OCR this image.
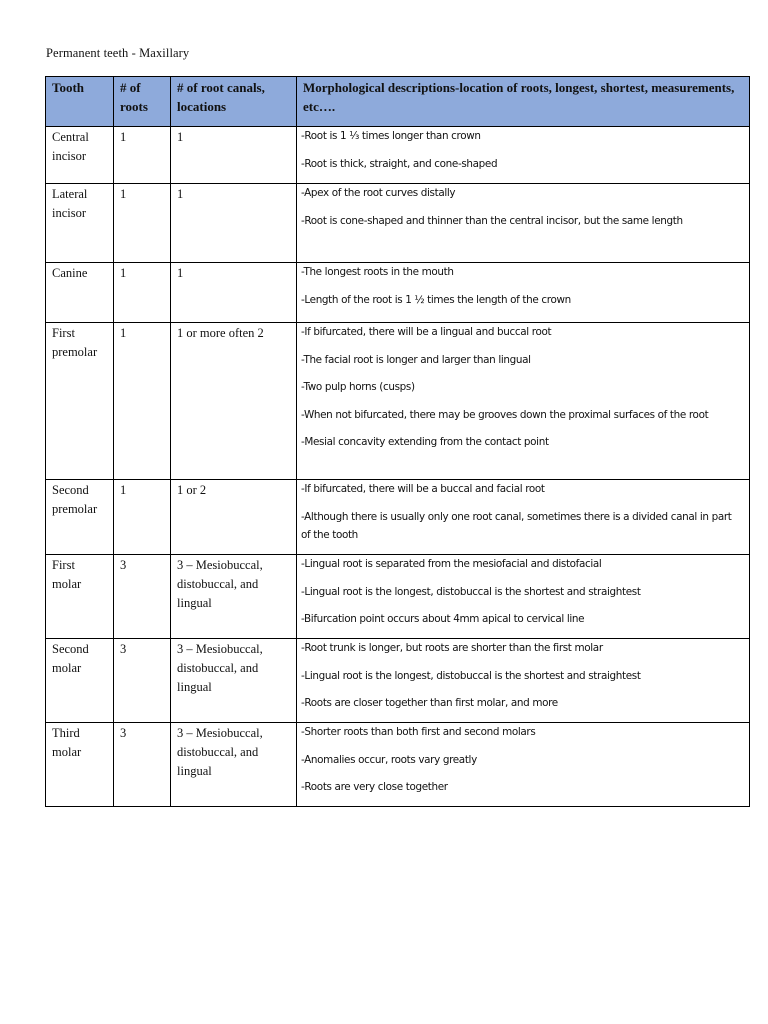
Permanent teeth - Maxillary
Tooth	# of roots	# of root canals, locations	Morphological descriptions-location of roots, longest, shortest, measurements, etc….
Central incisor	1	1	-Root is 1 ⅓ times longer than crown
-Root is thick, straight, and cone-shaped

Lateral incisor	1	1	-Apex of the root curves distally
-Root is cone-shaped and thinner than the central incisor, but the same length

Canine	1	1	-The longest roots in the mouth
-Length of the root is 1 ½ times the length of the crown

First premolar	1	1 or more often 2	-If bifurcated, there will be a lingual and buccal root
-The facial root is longer and larger than lingual
-Two pulp horns (cusps)
-When not bifurcated, there may be grooves down the proximal surfaces of the root
-Mesial concavity extending from the contact point

Second premolar	1	1 or 2	-If bifurcated, there will be a buccal and facial root
-Although there is usually only one root canal, sometimes there is a divided canal in part of the tooth

First molar	3	3 – Mesiobuccal, distobuccal, and lingual	-Lingual root is separated from the mesiofacial and distofacial
-Lingual root is the longest, distobuccal is the shortest and straightest
-Bifurcation point occurs about 4mm apical to cervical line

Second molar	3	3 – Mesiobuccal, distobuccal, and lingual	-Root trunk is longer, but roots are shorter than the first molar
-Lingual root is the longest, distobuccal is the shortest and straightest
-Roots are closer together than first molar, and more

Third molar	3	3 – Mesiobuccal, distobuccal, and lingual	-Shorter roots than both first and second molars
-Anomalies occur, roots vary greatly
-Roots are very close together
